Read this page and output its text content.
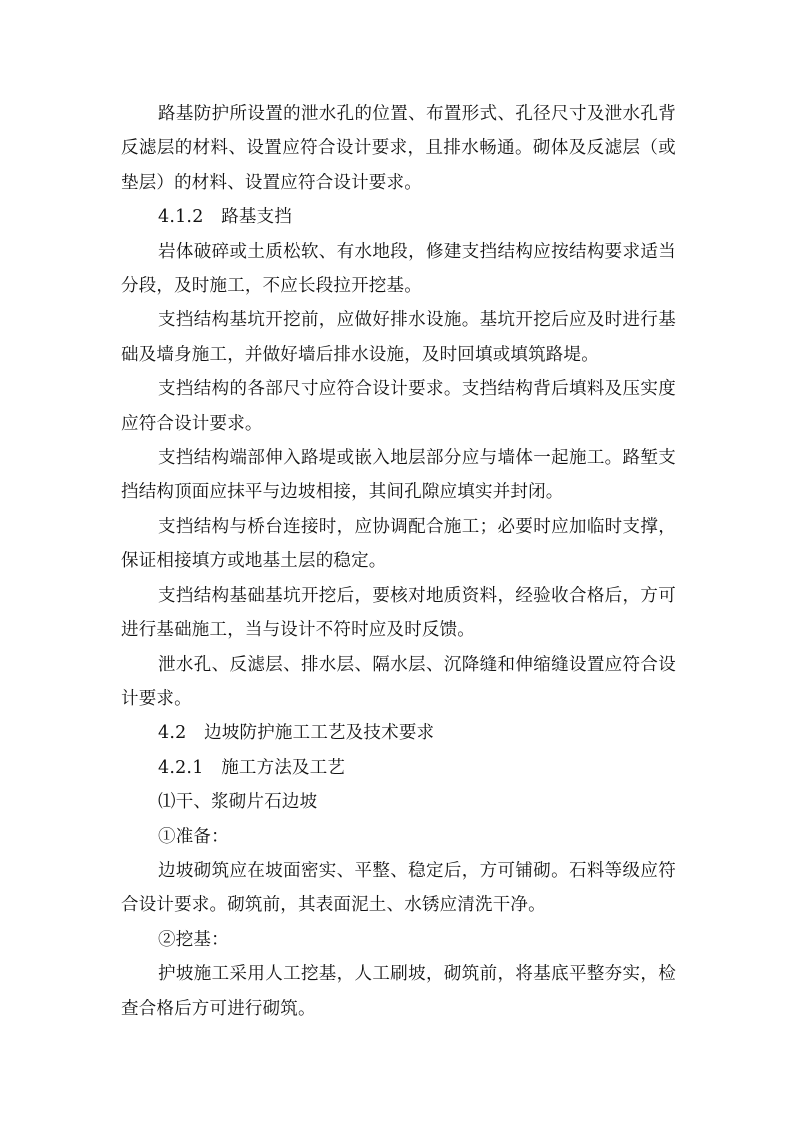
路基防护所设置的泄水孔的位置、布置形式、孔径尺寸及泄水孔背反滤层的材料、设置应符合设计要求，且排水畅通。砌体及反滤层（或垫层）的材料、设置应符合设计要求。

4.1.2　路基支挡

岩体破碎或土质松软、有水地段，修建支挡结构应按结构要求适当分段，及时施工，不应长段拉开挖基。

支挡结构基坑开挖前，应做好排水设施。基坑开挖后应及时进行基础及墙身施工，并做好墙后排水设施，及时回填或填筑路堤。

支挡结构的各部尺寸应符合设计要求。支挡结构背后填料及压实度应符合设计要求。

支挡结构端部伸入路堤或嵌入地层部分应与墙体一起施工。路堑支挡结构顶面应抹平与边坡相接，其间孔隙应填实并封闭。

支挡结构与桥台连接时，应协调配合施工；必要时应加临时支撑，保证相接填方或地基土层的稳定。

支挡结构基础基坑开挖后，要核对地质资料，经验收合格后，方可进行基础施工，当与设计不符时应及时反馈。

泄水孔、反滤层、排水层、隔水层、沉降缝和伸缩缝设置应符合设计要求。

4.2　边坡防护施工工艺及技术要求

4.2.1　施工方法及工艺

⑴干、浆砌片石边坡

①准备：

边坡砌筑应在坡面密实、平整、稳定后，方可铺砌。石料等级应符合设计要求。砌筑前，其表面泥土、水锈应清洗干净。

②挖基：

护坡施工采用人工挖基，人工刷坡，砌筑前，将基底平整夯实，检查合格后方可进行砌筑。
